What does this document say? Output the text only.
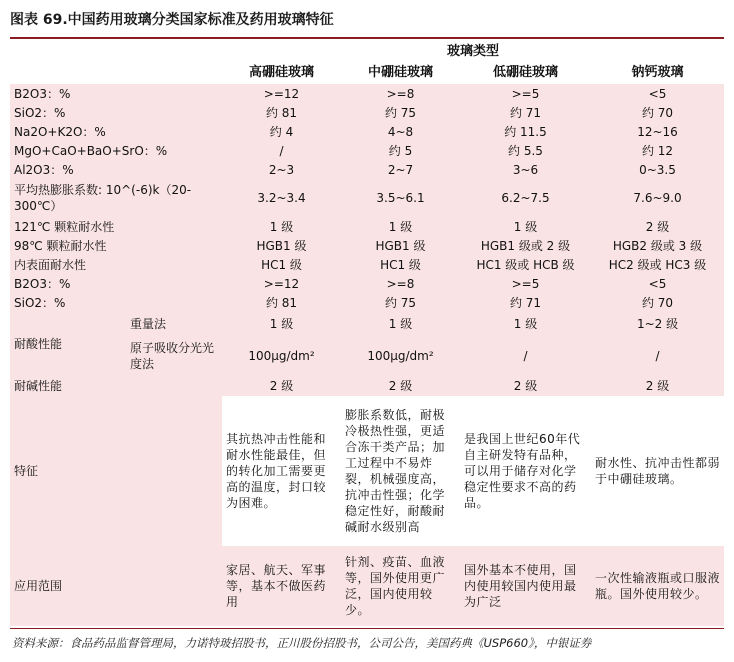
图表 69.中国药用玻璃分类国家标准及药用玻璃特征
		玻璃类型			
		高硼硅玻璃	中硼硅玻璃	低硼硅玻璃	钠钙玻璃
B2O3：%		>=12	>=8	>=5	<5
SiO2：%		约 81	约 75	约 71	约 70
Na2O+K2O：%		约 4	4~8	约 11.5	12~16
MgO+CaO+BaO+SrO：%		/	约 5	约 5.5	约 12
Al2O3：%		2~3	2~7	3~6	0~3.5
平均热膨胀系数: 10^(-6)k（20-300℃）		3.2~3.4	3.5~6.1	6.2~7.5	7.6~9.0
121℃ 颗粒耐水性		1 级	1 级	1 级	2 级
98℃ 颗粒耐水性		HGB1 级	HGB1 级	HGB1 级或 2 级	HGB2 级或 3 级
内表面耐水性		HC1 级	HC1 级	HC1 级或 HCB 级	HC2 级或 HC3 级
B2O3：%		>=12	>=8	>=5	<5
SiO2：%		约 81	约 75	约 71	约 70
耐酸性能	重量法	1 级	1 级	1 级	1~2 级
	原子吸收分光光度法	100μg/dm²	100μg/dm²	/	/
耐碱性能		2 级	2 级	2 级	2 级
特征		其抗热冲击性能和耐水性能最佳，但的转化加工需要更高的温度，封口较为困难。	膨胀系数低，耐极冷极热性强，更适合冻干类产品；加工过程中不易炸裂，机械强度高，抗冲击性强；化学稳定性好，耐酸耐碱耐水级别高	是我国上世纪60年代自主研发特有品种，可以用于储存对化学稳定性要求不高的药品。	耐水性、抗冲击性都弱于中硼硅玻璃。
应用范围		家居、航天、军事等，基本不做医药用	针剂、疫苗、血液等，国外使用更广泛，国内使用较少。	国外基本不使用，国内使用较国内使用最为广泛	一次性输液瓶或口服液瓶。国外使用较少。
资料来源：食品药品监督管理局，力诺特玻招股书，正川股份招股书，公司公告，美国药典《USP660》，中银证券
